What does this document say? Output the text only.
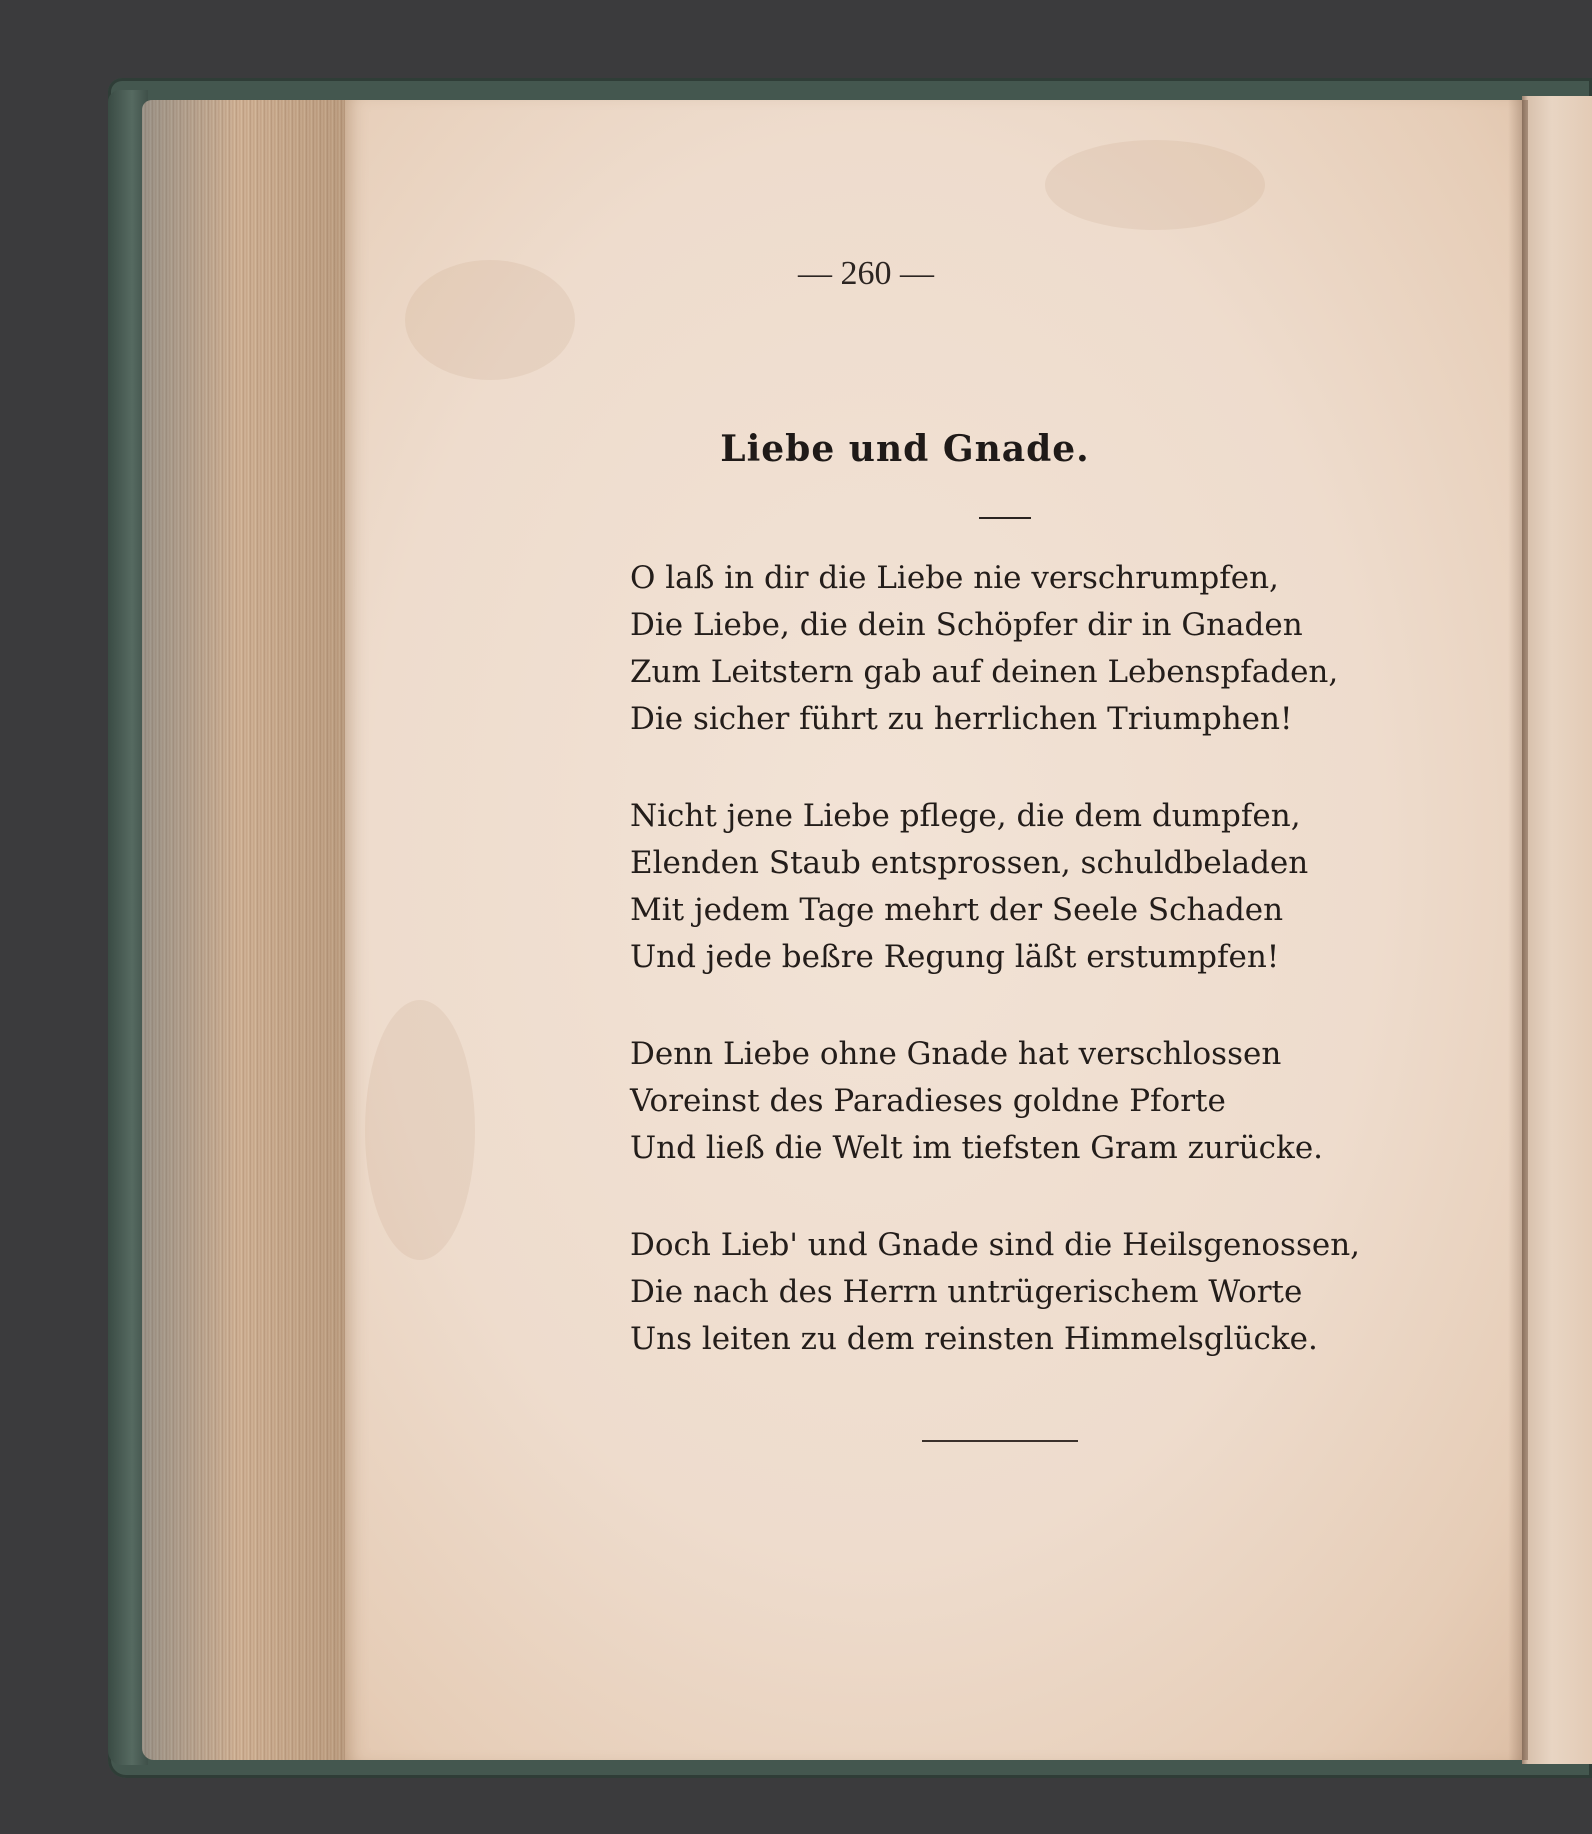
— 260 —
Liebe und Gnade.
O laß in dir die Liebe nie verschrumpfen,
Die Liebe, die dein Schöpfer dir in Gnaden
Zum Leitstern gab auf deinen Lebenspfaden,
Die sicher führt zu herrlichen Triumphen!
Nicht jene Liebe pflege, die dem dumpfen,
Elenden Staub entsprossen, schuldbeladen
Mit jedem Tage mehrt der Seele Schaden
Und jede beßre Regung läßt erstumpfen!
Denn Liebe ohne Gnade hat verschlossen
Voreinst des Paradieses goldne Pforte
Und ließ die Welt im tiefsten Gram zurücke.
Doch Lieb' und Gnade sind die Heilsgenossen,
Die nach des Herrn untrügerischem Worte
Uns leiten zu dem reinsten Himmelsglücke.
